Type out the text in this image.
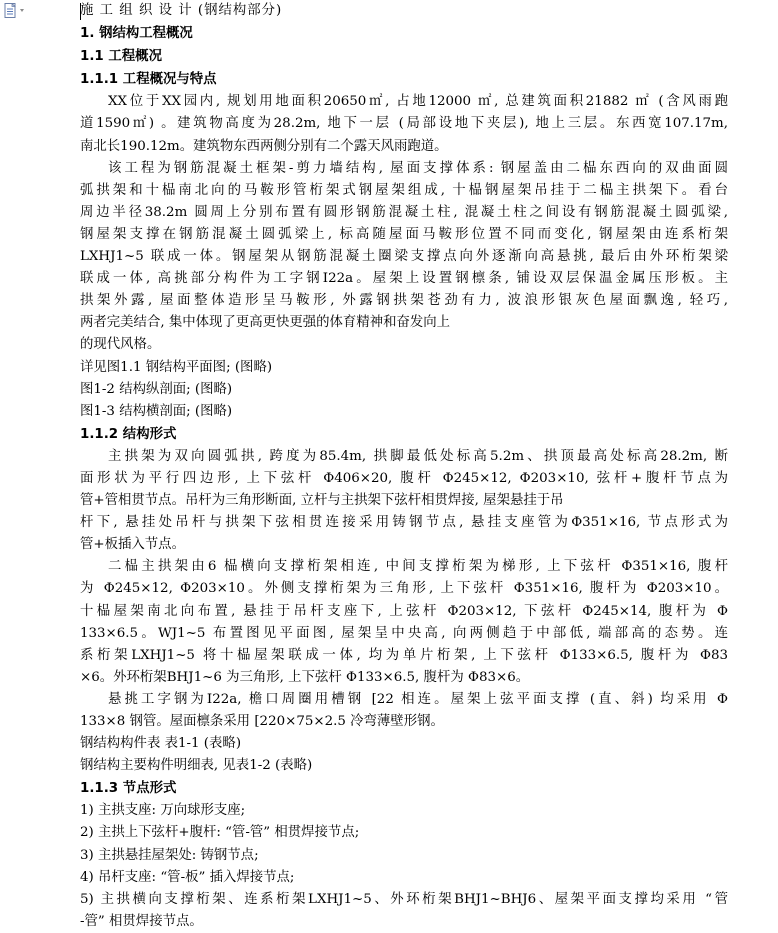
施 工 组 织 设 计 (钢结构部分)
1. 钢结构工程概况
1.1 工程概况
1.1.1 工程概况与特点
XX位于XX园内, 规划用地面积20650㎡, 占地12000 ㎡, 总建筑面积21882 ㎡ (含风雨跑
道1590㎡) 。建筑物高度为28.2m, 地下一层 (局部设地下夹层), 地上三层。东西宽107.17m,
南北长190.12m。建筑物东西两侧分别有二个露天风雨跑道。
该工程为钢筋混凝土框架-剪力墙结构, 屋面支撑体系: 钢屋盖由二榀东西向的双曲面圆
弧拱架和十榀南北向的马鞍形管桁架式钢屋架组成, 十榀钢屋架吊挂于二榀主拱架下。看台
周边半径38.2m 圆周上分别布置有圆形钢筋混凝土柱, 混凝土柱之间设有钢筋混凝土圆弧梁,
钢屋架支撑在钢筋混凝土圆弧梁上, 标高随屋面马鞍形位置不同而变化, 钢屋架由连系桁架
LXHJ1~5 联成一体。钢屋架从钢筋混凝土圈梁支撑点向外逐渐向高悬挑, 最后由外环桁架梁
联成一体, 高挑部分构件为工字钢I22a。屋架上设置钢檩条, 铺设双层保温金属压形板。主
拱架外露, 屋面整体造形呈马鞍形, 外露钢拱架苍劲有力, 波浪形银灰色屋面飘逸, 轻巧,
两者完美结合, 集中体现了更高更快更强的体育精神和奋发向上
的现代风格。
详见图1.1 钢结构平面图; (图略)
图1-2 结构纵剖面; (图略)
图1-3 结构横剖面; (图略)
1.1.2 结构形式
主拱架为双向圆弧拱, 跨度为85.4m, 拱脚最低处标高5.2m、拱顶最高处标高28.2m, 断
面形状为平行四边形, 上下弦杆 Φ406×20, 腹杆 Φ245×12, Φ203×10, 弦杆+腹杆节点为
管+管相贯节点。吊杆为三角形断面, 立杆与主拱架下弦杆相贯焊接, 屋架悬挂于吊
杆下, 悬挂处吊杆与拱架下弦相贯连接采用铸钢节点, 悬挂支座管为Φ351×16, 节点形式为
管+板插入节点。
二榀主拱架由6 榀横向支撑桁架相连, 中间支撑桁架为梯形, 上下弦杆 Φ351×16, 腹杆
为 Φ245×12, Φ203×10。外侧支撑桁架为三角形, 上下弦杆 Φ351×16, 腹杆为 Φ203×10。
十榀屋架南北向布置, 悬挂于吊杆支座下, 上弦杆 Φ203×12, 下弦杆 Φ245×14, 腹杆为 Φ
133×6.5。WJ1~5 布置图见平面图, 屋架呈中央高, 向两侧趋于中部低, 端部高的态势。连
系桁架LXHJ1~5 将十榀屋架联成一体, 均为单片桁架, 上下弦杆 Φ133×6.5, 腹杆为 Φ83
×6。外环桁架BHJ1~6 为三角形, 上下弦杆 Φ133×6.5, 腹杆为 Φ83×6。
悬挑工字钢为I22a, 檐口周圈用槽钢 [22 相连。屋架上弦平面支撑 (直、斜) 均采用 Φ
133×8 钢管。屋面檩条采用 [220×75×2.5 冷弯薄壁形钢。
钢结构构件表 表1-1 (表略)
钢结构主要构件明细表, 见表1-2 (表略)
1.1.3 节点形式
1) 主拱支座: 万向球形支座;
2) 主拱上下弦杆+腹杆: “管-管” 相贯焊接节点;
3) 主拱悬挂屋架处: 铸钢节点;
4) 吊杆支座: “管-板” 插入焊接节点;
5) 主拱横向支撑桁架、连系桁架LXHJ1~5、外环桁架BHJ1~BHJ6、屋架平面支撑均采用 “管
-管” 相贯焊接节点。
